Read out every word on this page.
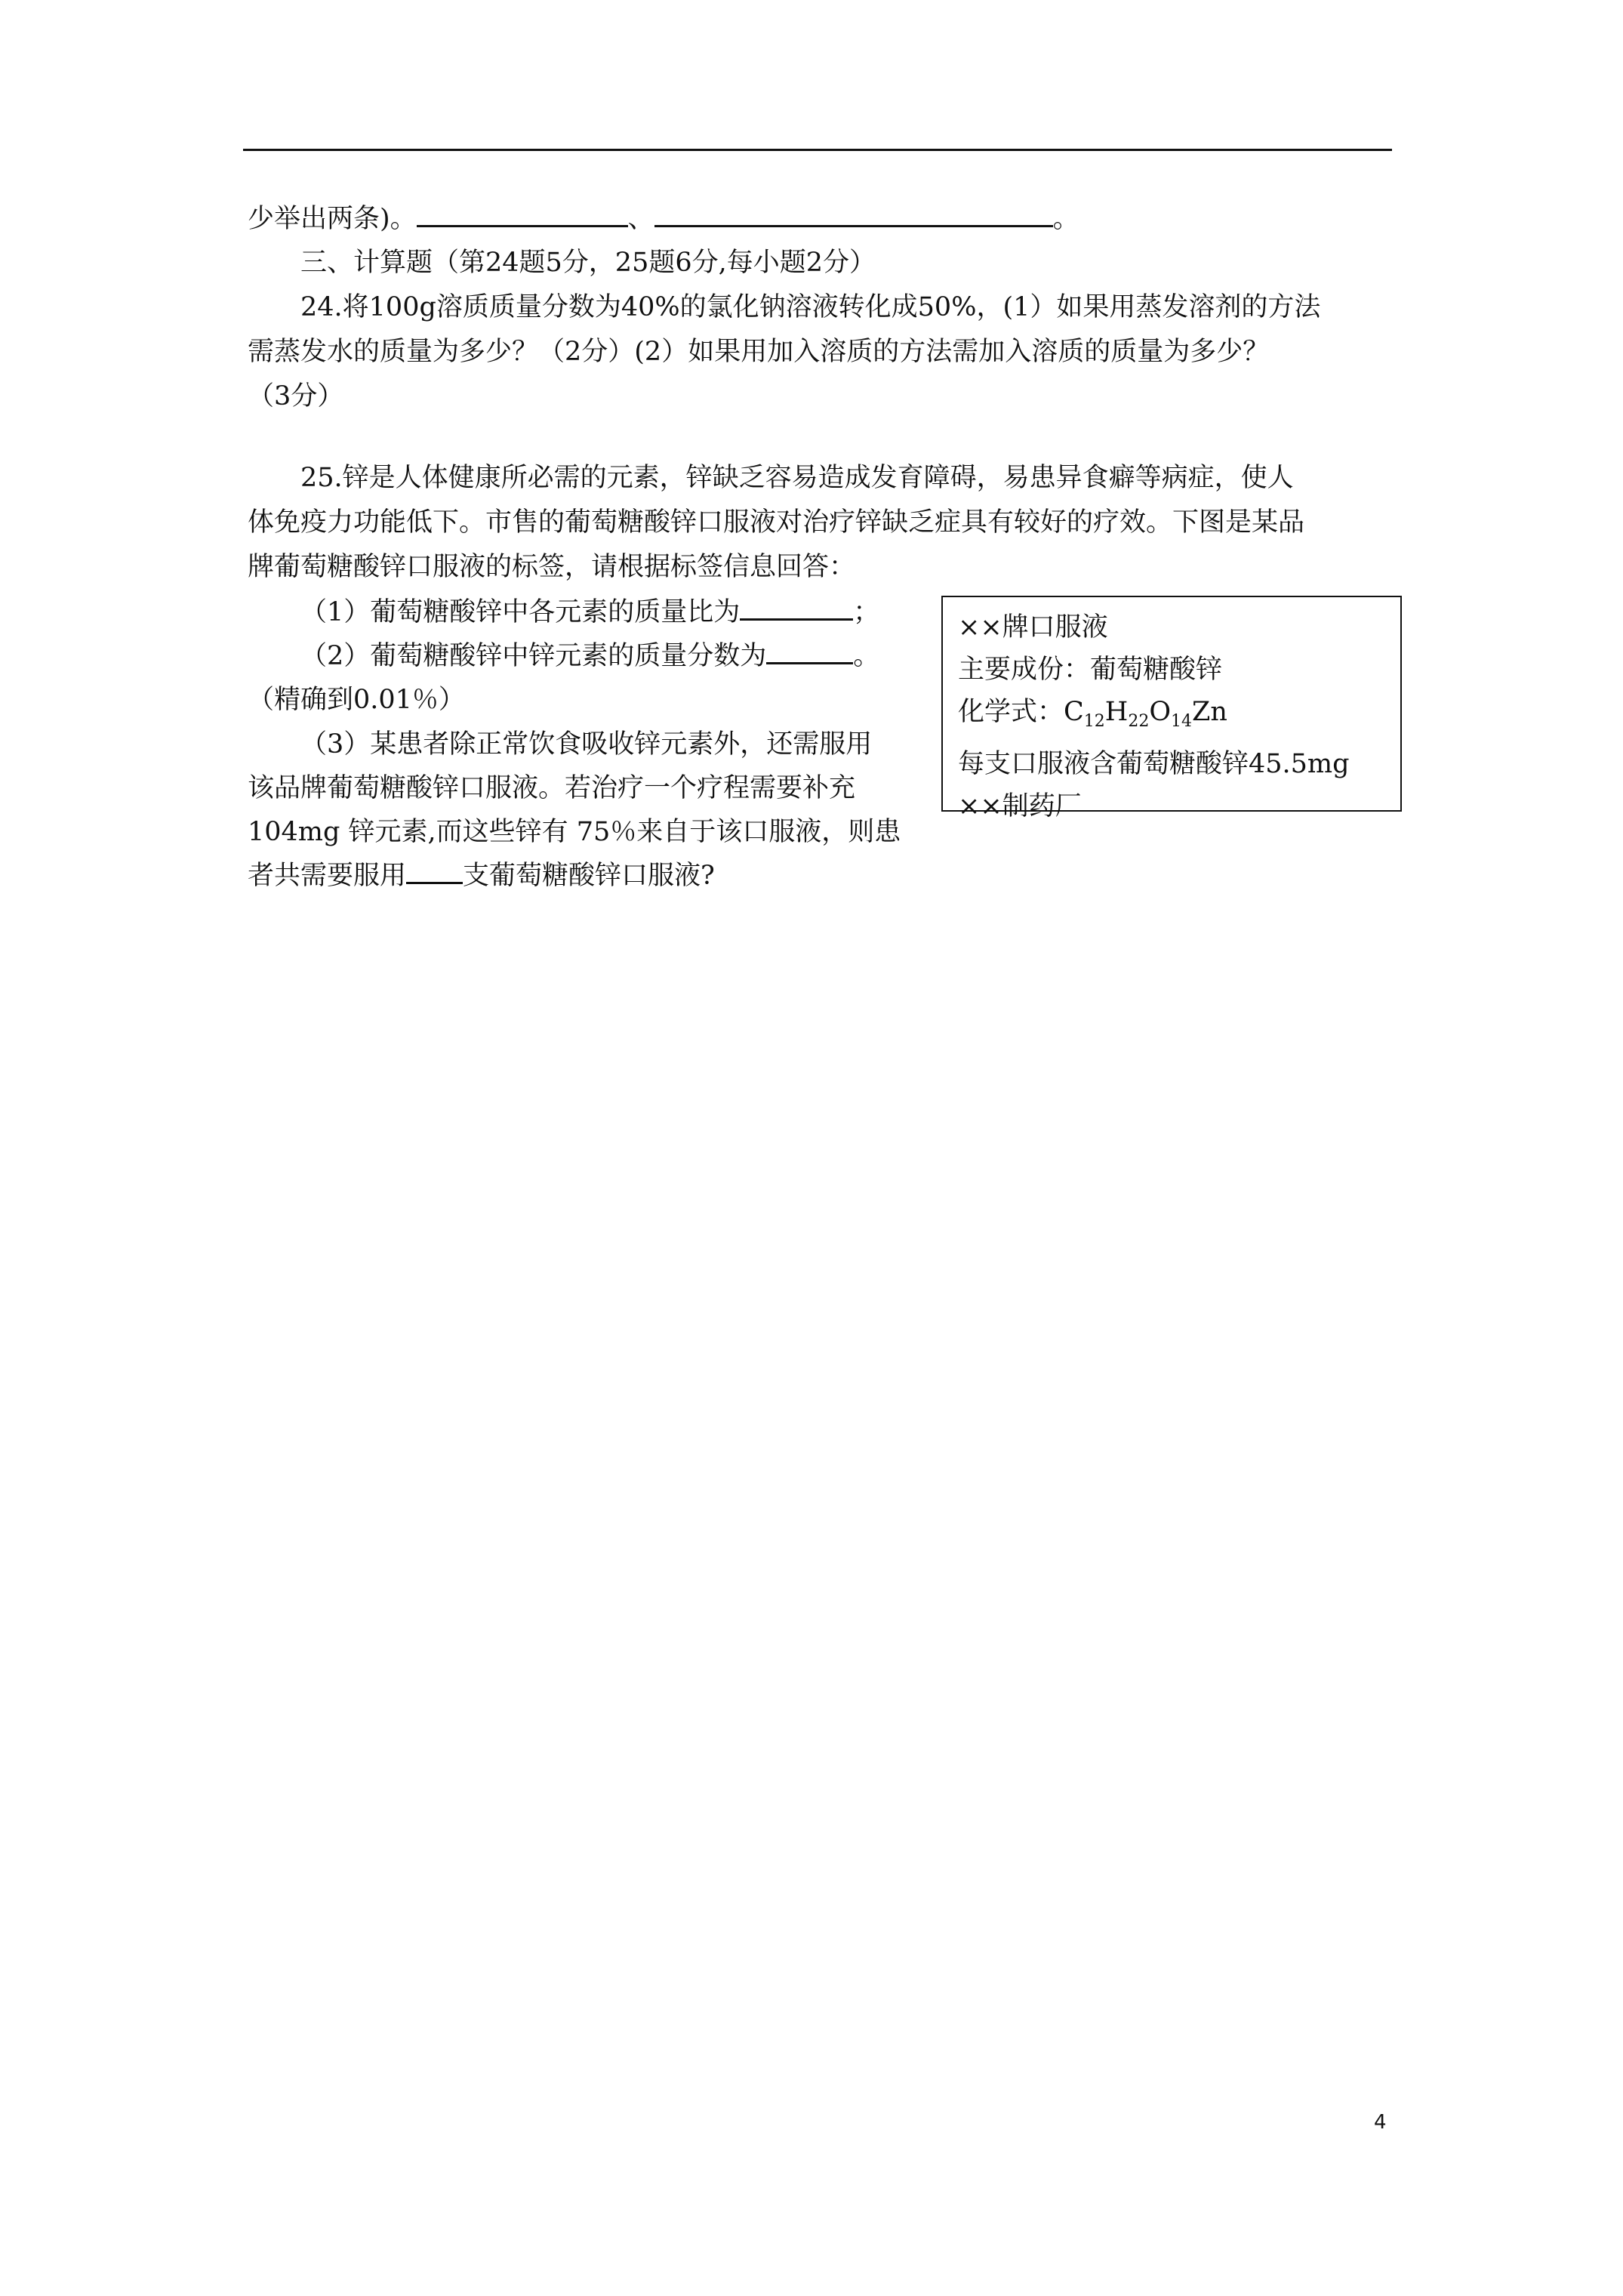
少举出两条)。	、	。
三、计算题（第24题5分，25题6分,每小题2分）
24.将100g溶质质量分数为40%的氯化钠溶液转化成50%，(1）如果用蒸发溶剂的方法
需蒸发水的质量为多少？（2分）(2）如果用加入溶质的方法需加入溶质的质量为多少？
（3分）
25.锌是人体健康所必需的元素，锌缺乏容易造成发育障碍，易患异食癖等病症，使人
体免疫力功能低下。市售的葡萄糖酸锌口服液对治疗锌缺乏症具有较好的疗效。下图是某品
牌葡萄糖酸锌口服液的标签，请根据标签信息回答：
（1）葡萄糖酸锌中各元素的质量比为	；
（2）葡萄糖酸锌中锌元素的质量分数为	。
（精确到0.01％）
（3）某患者除正常饮食吸收锌元素外，还需服用
该品牌葡萄糖酸锌口服液。若治疗一个疗程需要补充
104mg 锌元素,而这些锌有 75％来自于该口服液，则患
者共需要服用 支葡萄糖酸锌口服液?
××牌口服液
主要成份：葡萄糖酸锌
化学式：$C_{12}H_{22}O_{14}Zn$
每支口服液含葡萄糖酸锌45.5mg
××制药厂
4
